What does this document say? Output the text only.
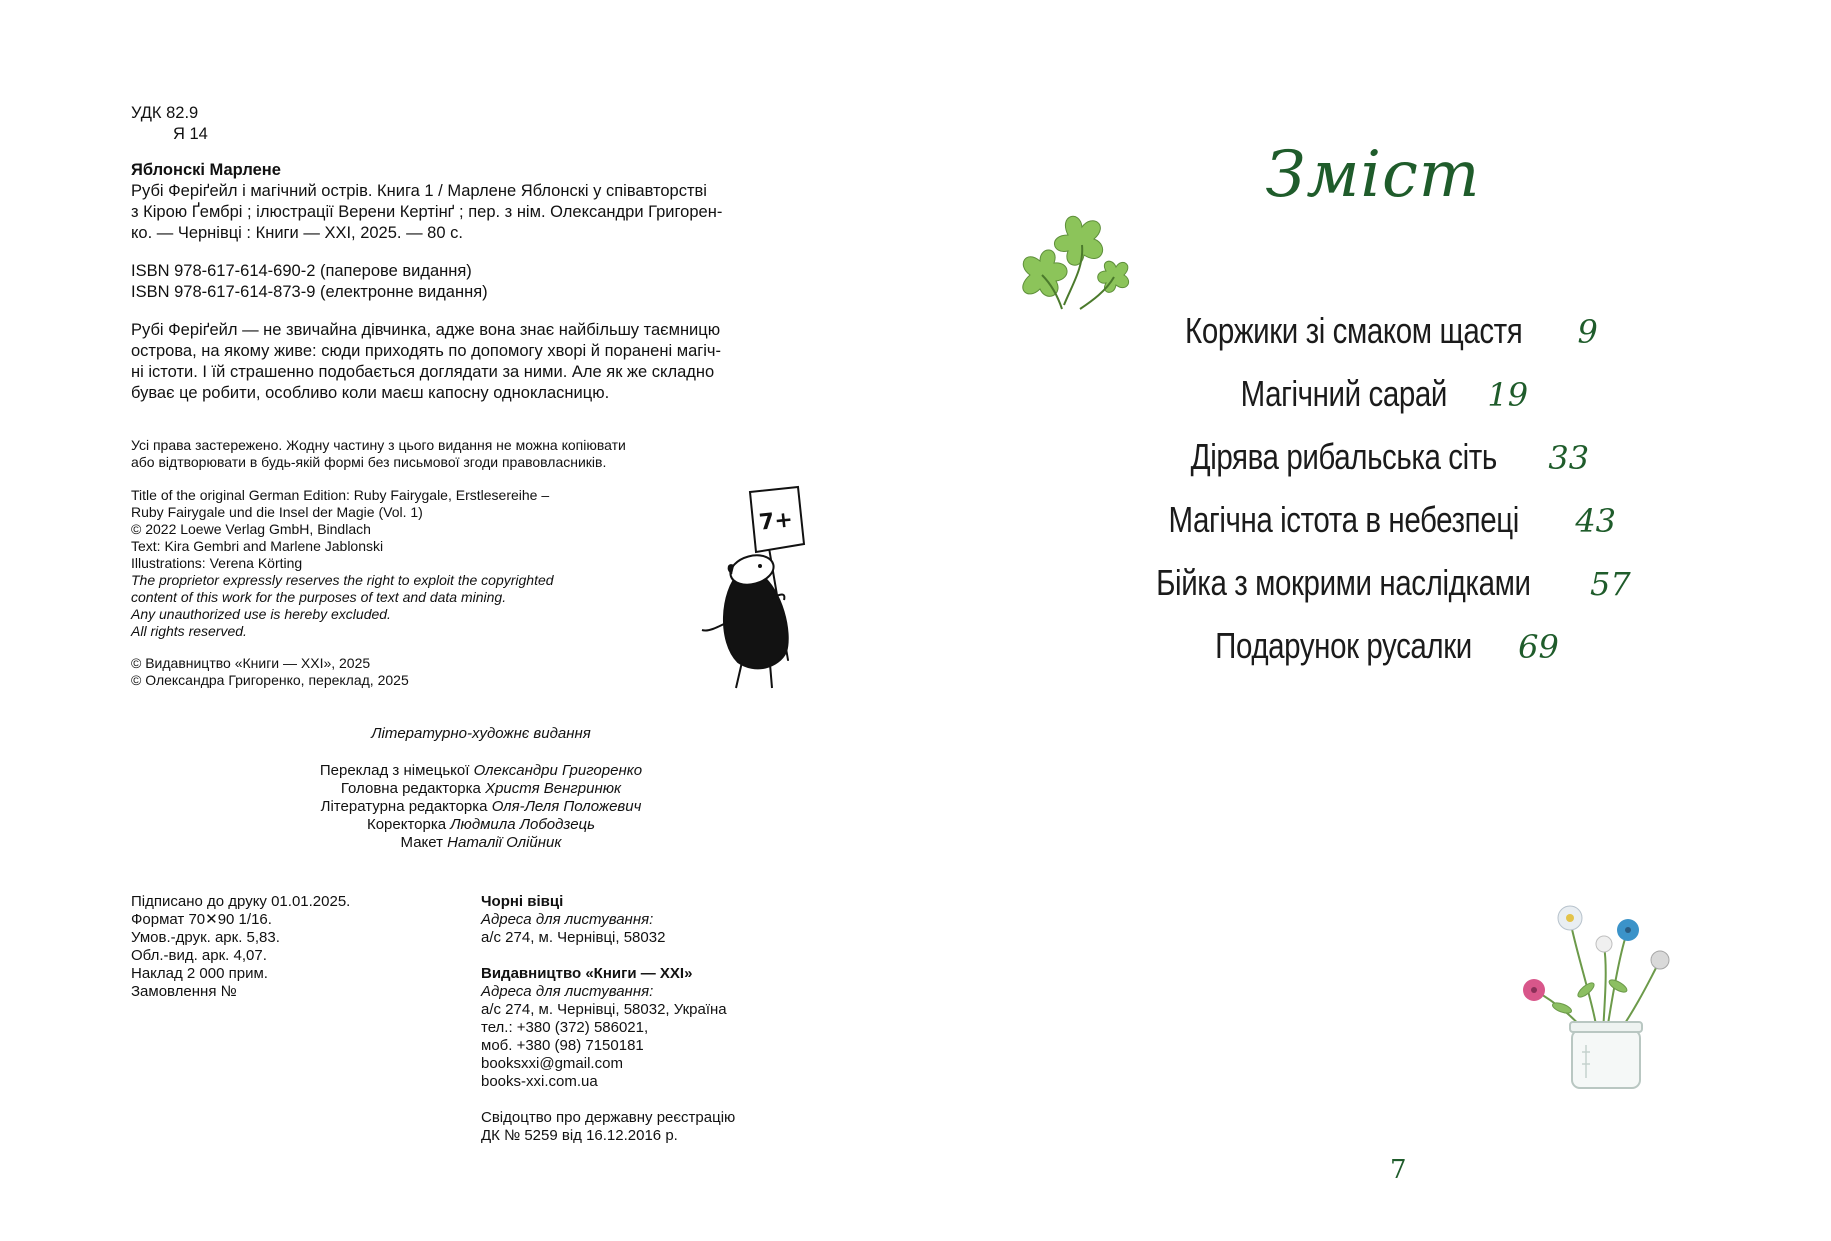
УДК 82.9
Я 14
Яблонскі Марлене
Рубі Феріґейл і магічний острів. Книга 1 / Марлене Яблонскі у співавторстві
з Кірою Ґембрі ; ілюстрації Верени Кертінґ ; пер. з нім. Олександри Григорен-
ко. — Чернівці : Книги — XXI, 2025. — 80 с.
ISBN 978-617-614-690-2 (паперове видання)
ISBN 978-617-614-873-9 (електронне видання)
Рубі Феріґейл — не звичайна дівчинка, адже вона знає найбільшу таємницю
острова, на якому живе: сюди приходять по допомогу хворі й поранені магіч-
ні істоти. І їй страшенно подобається доглядати за ними. Але як же складно
буває це робити, особливо коли маєш капосну однокласницю.
Усі права застережено. Жодну частину з цього видання не можна копіювати
або відтворювати в будь-якій формі без письмової згоди правовласників.
Title of the original German Edition: Ruby Fairygale, Erstlesereihe –
Ruby Fairygale und die Insel der Magie (Vol. 1)
© 2022 Loewe Verlag GmbH, Bindlach
Text: Kira Gembri and Marlene Jablonski
Illustrations: Verena Körting
The proprietor expressly reserves the right to exploit the copyrighted
content of this work for the purposes of text and data mining.
Any unauthorized use is hereby excluded.
All rights reserved.
© Видавництво «Книги — XXI», 2025
© Олександра Григоренко, переклад, 2025
7+
Літературно-художнє видання
Переклад з німецької Олександри Григоренко
Головна редакторка Христя Венгринюк
Літературна редакторка Оля-Леля Положевич
Коректорка Людмила Лободзець
Макет Наталії Олійник
Підписано до друку 01.01.2025.
Формат 70✕90 1/16.
Умов.-друк. арк. 5,83.
Обл.-вид. арк. 4,07.
Наклад 2 000 прим.
Замовлення №
Чорні вівці
Адреса для листування:
а/с 274, м. Чернівці, 58032
Видавництво «Книги — XXI»
Адреса для листування:
а/с 274, м. Чернівці, 58032, Україна
тел.: +380 (372) 586021,
моб. +380 (98) 7150181
booksxxi@gmail.com
books-xxi.com.ua
Свідоцтво про державну реєстрацію
ДК № 5259 від 16.12.2016 р.
Зміст
Коржики зі смаком щастя 9
Магічний сарай 19
Дірява рибальська сіть 33
Магічна істота в небезпеці 43
Бійка з мокрими наслідками 57
Подарунок русалки 69
7
